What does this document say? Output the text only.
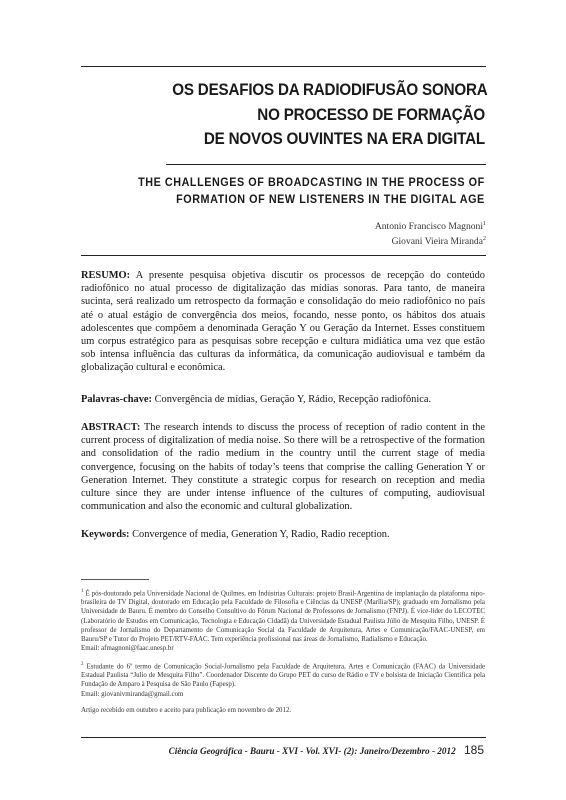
OS DESAFIOS DA RADIODIFUSÃO SONORA
NO PROCESSO DE FORMAÇÃO
DE NOVOS OUVINTES NA ERA DIGITAL
THE CHALLENGES OF BROADCASTING IN THE PROCESS OF
FORMATION OF NEW LISTENERS IN THE DIGITAL AGE
Antonio Francisco Magnoni$^1$
Giovani Vieira Miranda$^2$
RESUMO: A presente pesquisa objetiva discutir os processos de recepção do conteúdo radiofônico no atual processo de digitalização das mídias sonoras. Para tanto, de maneira sucinta, será realizado um retrospecto da formação e consolidação do meio radiofônico no país até o atual estágio de convergência dos meios, focando, nesse ponto, os hábitos dos atuais adolescentes que compõem a denominada Geração Y ou Geração da Internet. Esses constituem um corpus estratégico para as pesquisas sobre recepção e cultura midiática uma vez que estão sob intensa influência das culturas da informática, da comunicação audiovisual e também da globalização cultural e econômica.
Palavras-chave: Convergência de mídias, Geração Y, Rádio, Recepção radiofônica.
ABSTRACT: The research intends to discuss the process of reception of radio content in the current process of digitalization of media noise. So there will be a retrospective of the formation and consolidation of the radio medium in the country until the current stage of media convergence, focusing on the habits of today’s teens that comprise the calling Generation Y or Generation Internet. They constitute a strategic corpus for research on reception and media culture since they are under intense influence of the cultures of computing, audiovisual communication and also the economic and cultural globalization.
Keywords: Convergence of media, Generation Y, Radio, Radio reception.

$^1$ É pós-doutorado pela Universidade Nacional de Quilmes, em Indústrias Culturais: projeto Brasil-Argentina de implantação da plataforma nipo-brasileira de TV Digital, doutorado em Educação pela Faculdade de Filosofia e Ciências da UNESP (Marília/SP); graduado em Jornalismo pela Universidade de Bauru. É membro do Conselho Consultivo do Fórum Nacional de Professores de Jornalismo (FNPJ). É vice-líder do LECOTEC (Laboratório de Estudos em Comunicação, Tecnologia e Educação Cidadã) da Universidade Estadual Paulista Júlio de Mesquita Filho, UNESP. É professor de Jornalismo do Departamento de Comunicação Social da Faculdade de Arquitetura, Artes e Comunicação/FAAC-UNESP, em Bauru/SP e Tutor do Projeto PET/RTV-FAAC. Tem experiência profissional nas áreas de Jornalismo, Radialismo e Educação.
Email: afmagnoni@faac.unesp.br

$^2$ Estudante do 6º termo de Comunicação Social-Jornalismo pela Faculdade de Arquitetura, Artes e Comunicação (FAAC) da Universidade Estadual Paulista “Julio de Mesquita Filho”. Coordenador Discente do Grupo PET do curso de Rádio e TV e bolsista de Iniciação Científica pela Fundação de Amparo à Pesquisa de São Paulo (Fapesp).
Email: giovanivmiranda@gmail.com

Artigo recebido em outubro e aceito para publicação em novembro de 2012.

Ciência Geográfica - Bauru - XVI - Vol. XVI- (2): Janeiro/Dezembro - 2012 185
